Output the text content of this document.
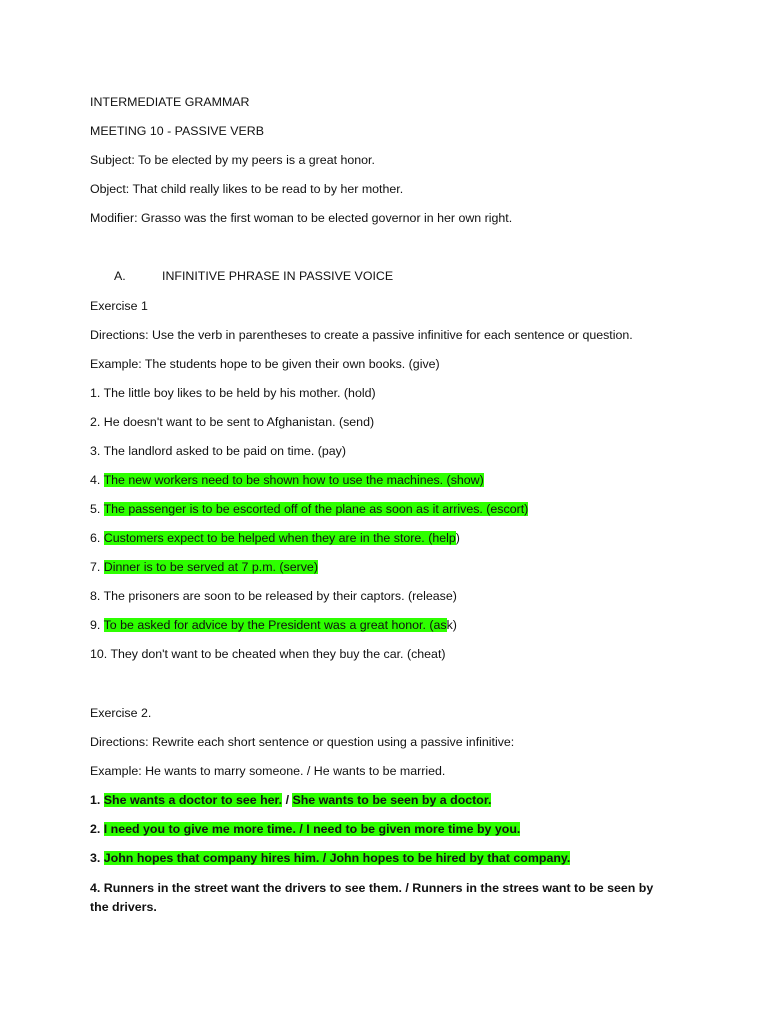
INTERMEDIATE GRAMMAR
MEETING 10 - PASSIVE VERB
Subject: To be elected by my peers is a great honor.
Object: That child really likes to be read to by her mother.
Modifier: Grasso was the first woman to be elected governor in her own right.
A.	INFINITIVE PHRASE IN PASSIVE VOICE
Exercise 1
Directions: Use the verb in parentheses to create a passive infinitive for each sentence or question.
Example: The students hope to be given their own books. (give)
1. The little boy likes to be held by his mother. (hold)
2. He doesn't want to be sent to Afghanistan. (send)
3. The landlord asked to be paid on time. (pay)
4. The new workers need to be shown how to use the machines. (show)
5. The passenger is to be escorted off of the plane as soon as it arrives. (escort)
6. Customers expect to be helped when they are in the store. (help)
7. Dinner is to be served at 7 p.m. (serve)
8. The prisoners are soon to be released by their captors. (release)
9. To be asked for advice by the President was a great honor. (ask)
10. They don't want to be cheated when they buy the car. (cheat)
Exercise 2.
Directions: Rewrite each short sentence or question using a passive infinitive:
Example: He wants to marry someone. / He wants to be married.
1. She wants a doctor to see her. / She wants to be seen by a doctor.
2. I need you to give me more time. / I need to be given more time by you.
3. John hopes that company hires him. / John hopes to be hired by that company.
4. Runners in the street want the drivers to see them. / Runners in the strees want to be seen by the drivers.
